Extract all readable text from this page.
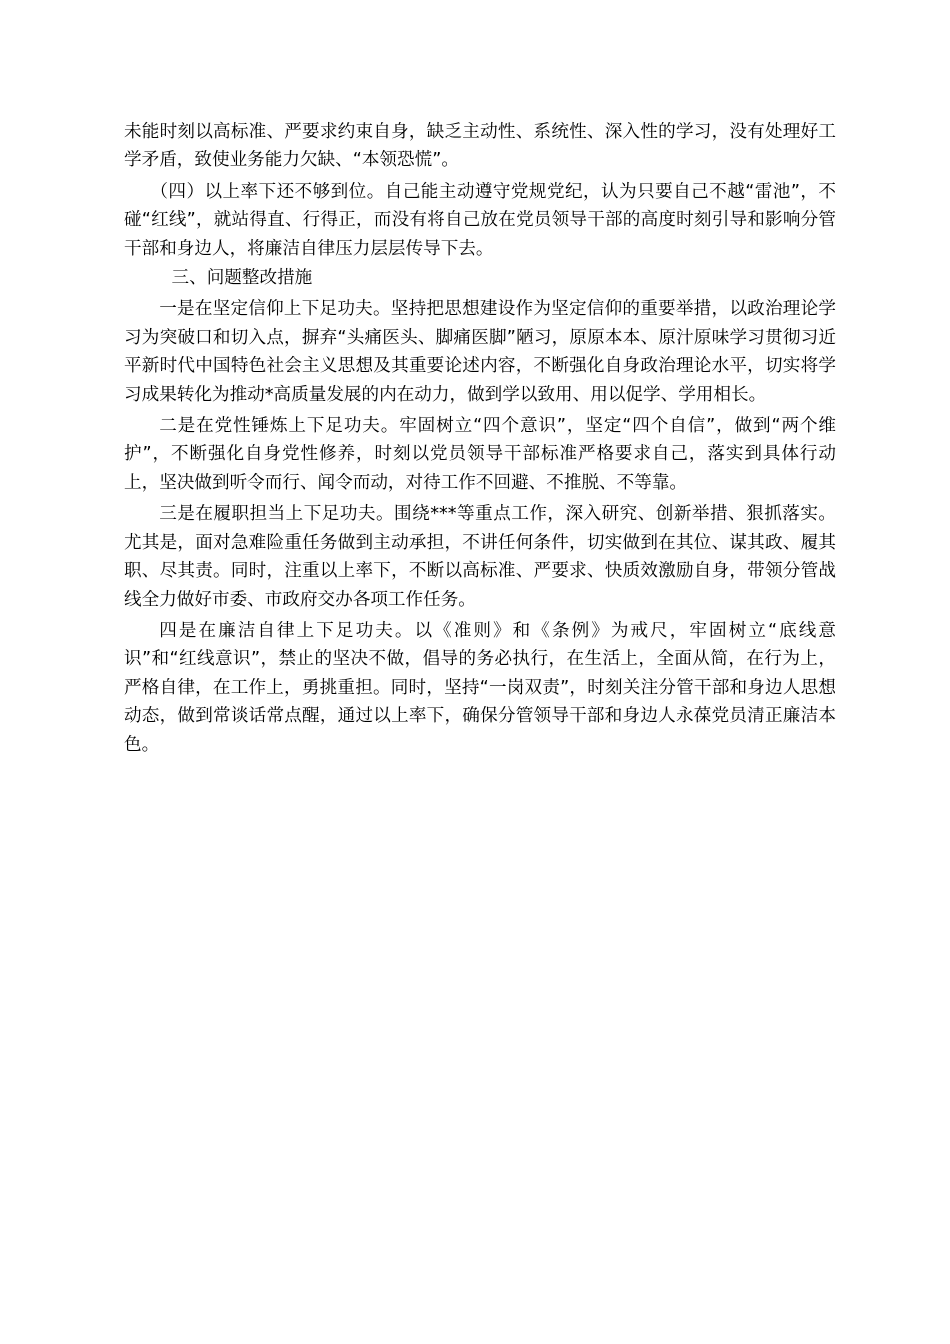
未能时刻以高标准、严要求约束自身，缺乏主动性、系统性、深入性的学习，没有处理好工学矛盾，致使业务能力欠缺、“本领恐慌”。

（四）以上率下还不够到位。自己能主动遵守党规党纪，认为只要自己不越“雷池”，不碰“红线”，就站得直、行得正，而没有将自己放在党员领导干部的高度时刻引导和影响分管干部和身边人，将廉洁自律压力层层传导下去。

三、问题整改措施

一是在坚定信仰上下足功夫。坚持把思想建设作为坚定信仰的重要举措，以政治理论学习为突破口和切入点，摒弃“头痛医头、脚痛医脚”陋习，原原本本、原汁原味学习贯彻习近平新时代中国特色社会主义思想及其重要论述内容，不断强化自身政治理论水平，切实将学习成果转化为推动*高质量发展的内在动力，做到学以致用、用以促学、学用相长。

二是在党性锤炼上下足功夫。牢固树立“四个意识”，坚定“四个自信”，做到“两个维护”，不断强化自身党性修养，时刻以党员领导干部标准严格要求自己，落实到具体行动上，坚决做到听令而行、闻令而动，对待工作不回避、不推脱、不等靠。

三是在履职担当上下足功夫。围绕***等重点工作，深入研究、创新举措、狠抓落实。尤其是，面对急难险重任务做到主动承担，不讲任何条件，切实做到在其位、谋其政、履其职、尽其责。同时，注重以上率下，不断以高标准、严要求、快质效激励自身，带领分管战线全力做好市委、市政府交办各项工作任务。

四是在廉洁自律上下足功夫。以《准则》和《条例》为戒尺，牢固树立“底线意识”和“红线意识”，禁止的坚决不做，倡导的务必执行，在生活上，全面从简，在行为上，严格自律，在工作上，勇挑重担。同时，坚持“一岗双责”，时刻关注分管干部和身边人思想动态，做到常谈话常点醒，通过以上率下，确保分管领导干部和身边人永葆党员清正廉洁本色。
